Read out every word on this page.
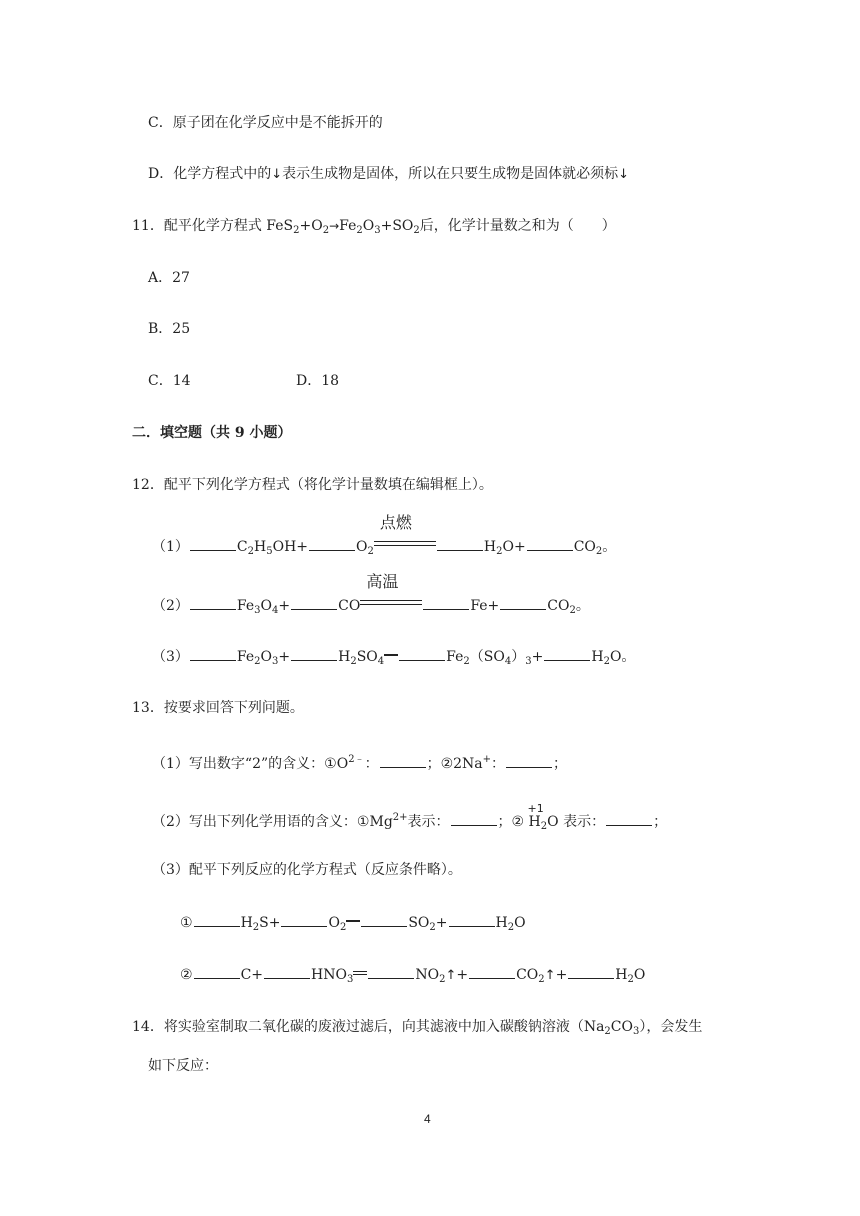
C．原子团在化学反应中是不能拆开的
D．化学方程式中的↓表示生成物是固体，所以在只要生成物是固体就必须标↓
11．配平化学方程式 $FeS_2+O_2\to Fe_2O_3+SO_2$后，化学计量数之和为（　　）
A．27
B．25
C．14	D．18
二．填空题（共 9 小题）
12．配平下列化学方程式（将化学计量数填在编辑框上）。
（1）	$C_2H_5OH+$	$O_2$
点燃
$H_2O+$	$CO_2$。
（2）	$Fe_3O_4+$	CO
高温
Fe+	$CO_2$。
（3）	$Fe_2O_3+$	$H_2SO_4$	$Fe_2(SO_4)_3+$	$H_2O$。
13．按要求回答下列问题。
（1）写出数字“2”的含义：$①O^{2﹣}$：	；②2Na+：	；
（2）写出下列化学用语的含义：$①Mg^{2+}$表示：	；②
+1
$H_2O$ 表示：	；
（3）配平下列反应的化学方程式（反应条件略）。
①	$H_2S+$	$O_2$	$SO_2+$	$H_2O$
②	C+	$HNO_3$	$NO_2↑+$	$CO_2↑+$	$H_2O$
14．将实验室制取二氧化碳的废液过滤后，向其滤液中加入碳酸钠溶液$(Na_2CO_3)$，会发生
如下反应：
4
